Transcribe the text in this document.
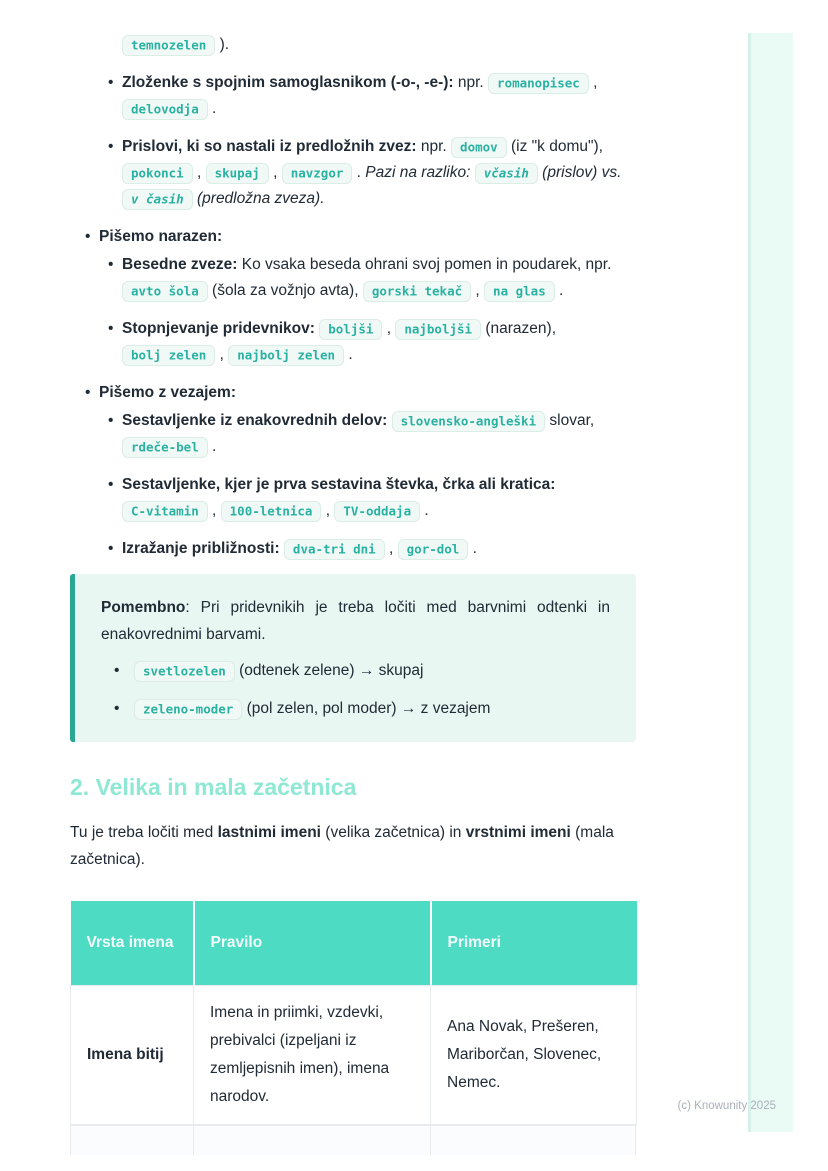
(c) Knowunity 2025
temnozelen ).
• Zloženke s spojnim samoglasnikom (-o-, -e-): npr. romanopisec , delovodja .
• Prislovi, ki so nastali iz predložnih zvez: npr. domov (iz "k domu"), pokonci , skupaj , navzgor . Pazi na razliko: včasih (prislov) vs. v časih (predložna zveza).
• Pišemo narazen:
• Besedne zveze: Ko vsaka beseda ohrani svoj pomen in poudarek, npr. avto šola (šola za vožnjo avta), gorski tekač , na glas .
• Stopnjevanje pridevnikov: boljši , najboljši (narazen), bolj zelen , najbolj zelen .
• Pišemo z vezajem:
• Sestavljenke iz enakovrednih delov: slovensko-angleški slovar, rdeče-bel .
• Sestavljenke, kjer je prva sestavina števka, črka ali kratica: C-vitamin , 100-letnica , TV-oddaja .
• Izražanje približnosti: dva-tri dni , gor-dol .

Pomembno: Pri pridevnikih je treba ločiti med barvnimi odtenki in enakovrednimi barvami.

•	svetlozelen (odtenek zelene) → skupaj
•	zeleno-moder (pol zelen, pol moder) → z vezajem
2. Velika in mala začetnica

Tu je treba ločiti med lastnimi imeni (velika začetnica) in vrstnimi imeni (mala začetnica).

Vrsta imena	Pravilo	Primeri
Imena bitij	Imena in priimki, vzdevki, prebivalci (izpeljani iz zemljepisnih imen), imena narodov.	Ana Novak, Prešeren, Mariborčan, Slovenec, Nemec.
